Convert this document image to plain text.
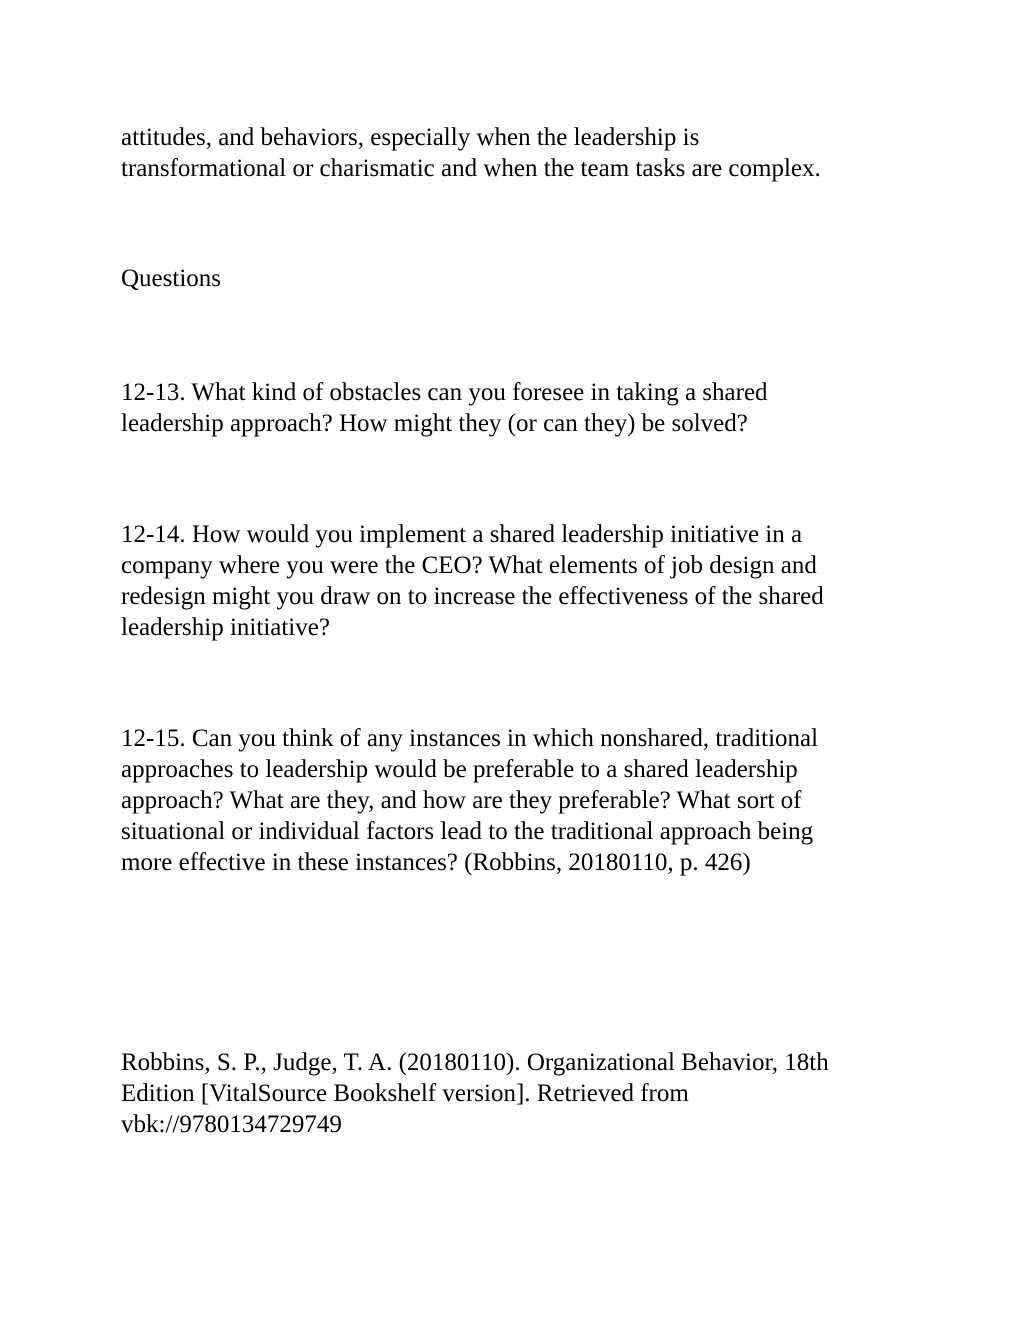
attitudes, and behaviors, especially when the leadership is
transformational or charismatic and when the team tasks are complex.

Questions

12-13. What kind of obstacles can you foresee in taking a shared
leadership approach? How might they (or can they) be solved?

12-14. How would you implement a shared leadership initiative in a
company where you were the CEO? What elements of job design and
redesign might you draw on to increase the effectiveness of the shared
leadership initiative?

12-15. Can you think of any instances in which nonshared, traditional
approaches to leadership would be preferable to a shared leadership
approach? What are they, and how are they preferable? What sort of
situational or individual factors lead to the traditional approach being
more effective in these instances? (Robbins, 20180110, p. 426)

Robbins, S. P., Judge, T. A. (20180110). Organizational Behavior, 18th
Edition [VitalSource Bookshelf version]. Retrieved from
vbk://9780134729749
